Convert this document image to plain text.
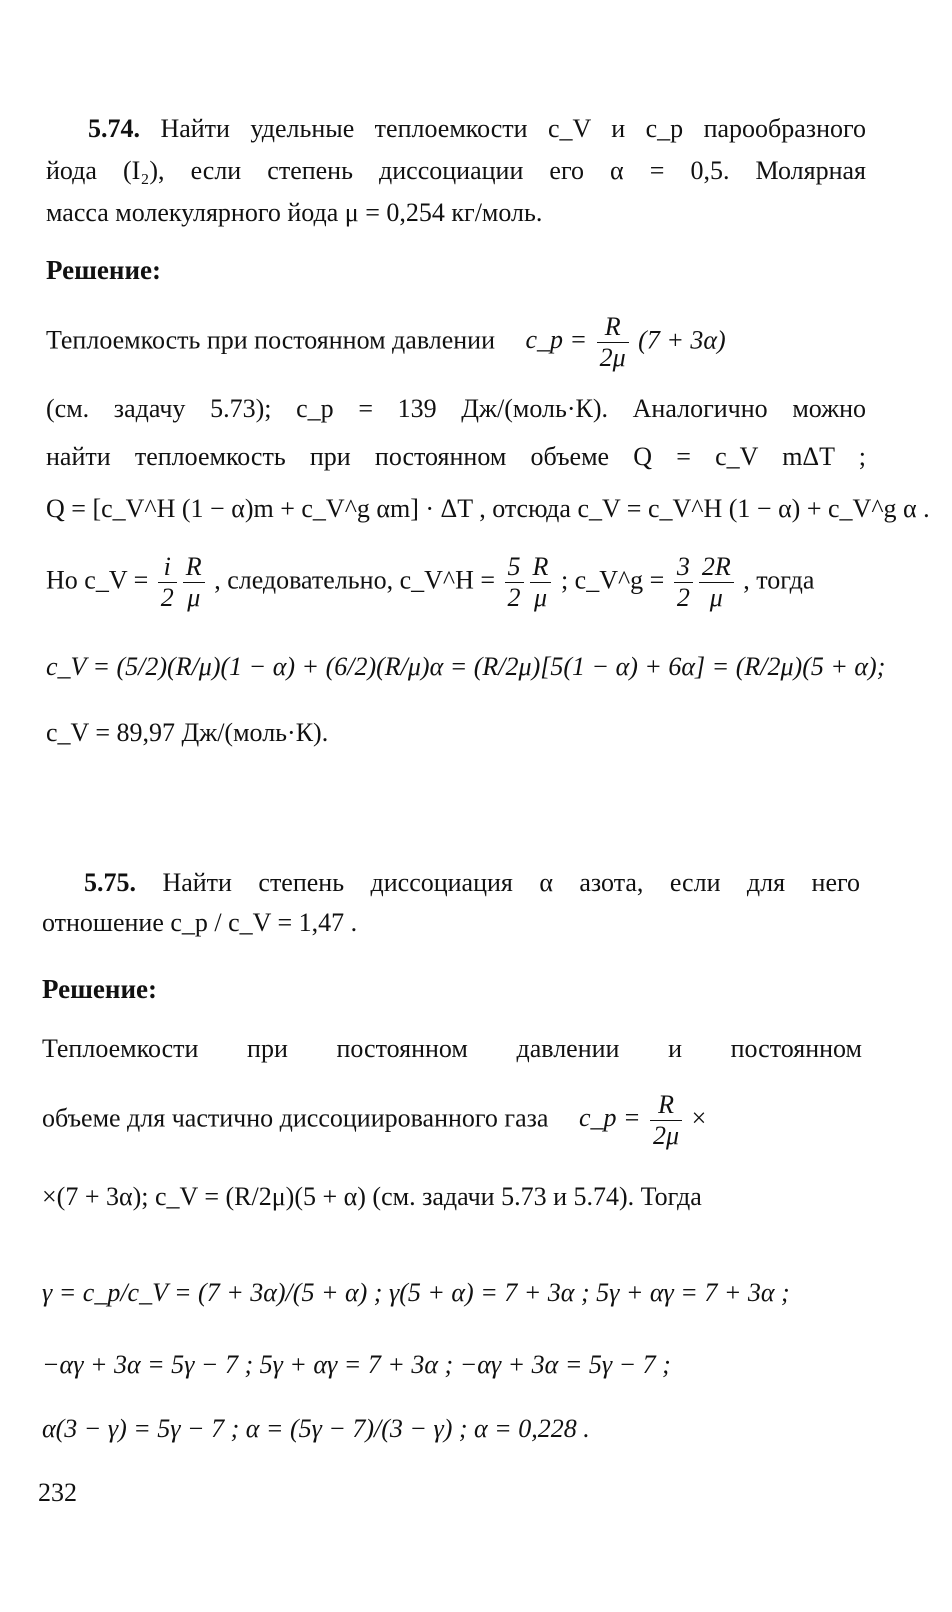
5.74. Найти удельные теплоемкости c_V и c_p парообразного
йода (I₂), если степень диссоциации его α = 0,5. Молярная
масса молекулярного йода μ = 0,254 кг/моль.
Решение:
Теплоемкость при постоянном давлении c_p = $\frac{R}{2\mu} (7 + 3\alpha)$
(см. задачу 5.73); c_p = 139 Дж/(моль·К). Аналогично можно
найти теплоемкость при постоянном объеме Q = c_V mΔT ;
Q = [c_V^H (1 − α)m + c_V^g αm] · ΔT , отсюда c_V = c_V^H (1 − α) + c_V^g α .
Но c_V = $\frac{i}{2} \frac{R}{\mu}$ , следовательно, c_V^H = $\frac{5}{2} \frac{R}{\mu}$ ; c_V^g = $\frac{3}{2} \frac{2R}{\mu}$ , тогда
c_V = (5/2)(R/μ)(1 − α) + (6/2)(R/μ)α = (R/2μ)[5(1 − α) + 6α] = (R/2μ)(5 + α);
c_V = 89,97 Дж/(моль·К).
5.75. Найти степень диссоциация α азота, если для него
отношение c_p / c_V = 1,47 .
Решение:
Теплоемкости при постоянном давлении и постоянном
объеме для частично диссоциированного газа c_p = $\frac{R}{2\mu}$ ×
×(7 + 3α); c_V = (R/2μ)(5 + α) (см. задачи 5.73 и 5.74). Тогда
γ = c_p/c_V = (7 + 3α)/(5 + α) ; γ(5 + α) = 7 + 3α ; 5γ + αγ = 7 + 3α ;
−αγ + 3α = 5γ − 7 ; 5γ + αγ = 7 + 3α ; −αγ + 3α = 5γ − 7 ;
α(3 − γ) = 5γ − 7 ; α = (5γ − 7)/(3 − γ) ; α = 0,228 .
232
